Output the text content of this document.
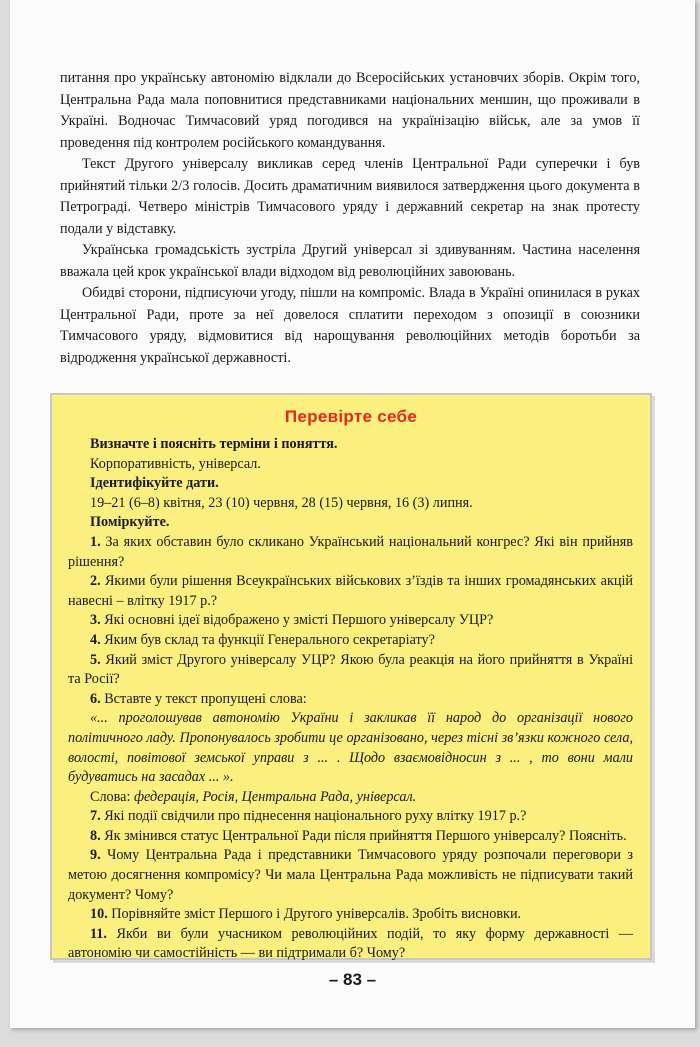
питання про українську автономію відклали до Всеросійських установчих зборів. Окрім того, Центральна Рада мала поповнитися представниками національних меншин, що проживали в Україні. Водночас Тимчасовий уряд погодився на українізацію військ, але за умов її проведення під контролем російського командування.

Текст Другого універсалу викликав серед членів Центральної Ради суперечки і був прийнятий тільки 2/3 голосів. Досить драматичним виявилося затвердження цього документа в Петрограді. Четверо міністрів Тимчасового уряду і державний секретар на знак протесту подали у відставку.

Українська громадськість зустріла Другий універсал зі здивуванням. Частина населення вважала цей крок української влади відходом від революційних завоювань.

Обидві сторони, підписуючи угоду, пішли на компроміс. Влада в Україні опинилася в руках Центральної Ради, проте за неї довелося сплатити переходом з опозиції в союзники Тимчасового уряду, відмовитися від нарощування революційних методів боротьби за відродження української державності.

Перевірте себе

Визначте і поясніть терміни і поняття.

Корпоративність, універсал.

Ідентифікуйте дати.

19–21 (6–8) квітня, 23 (10) червня, 28 (15) червня, 16 (3) липня.

Поміркуйте.

1. За яких обставин було скликано Український національний конгрес? Які він прийняв рішення?

2. Якими були рішення Всеукраїнських військових з’їздів та інших громадянських акцій навесні – влітку 1917 р.?

3. Які основні ідеї відображено у змісті Першого універсалу УЦР?

4. Яким був склад та функції Генерального секретаріату?

5. Який зміст Другого універсалу УЦР? Якою була реакція на його прийняття в Україні та Росії?

6. Вставте у текст пропущені слова:

«... проголошував автономію України і закликав її народ до організації нового політичного ладу. Пропонувалось зробити це організовано, через тісні зв’язки кожного села, волості, повітової земської управи з ... . Щодо взаємовідносин з ... , то вони мали будуватись на засадах ... ».

Слова: федерація, Росія, Центральна Рада, універсал.

7. Які події свідчили про піднесення національного руху влітку 1917 р.?

8. Як змінився статус Центральної Ради після прийняття Першого універсалу? Поясніть.

9. Чому Центральна Рада і представники Тимчасового уряду розпочали переговори з метою досягнення компромісу? Чи мала Центральна Рада можливість не підписувати такий документ? Чому?

10. Порівняйте зміст Першого і Другого універсалів. Зробіть висновки.

11. Якби ви були учасником революційних подій, то яку форму державності — автономію чи самостійність — ви підтримали б? Чому?

– 83 –
